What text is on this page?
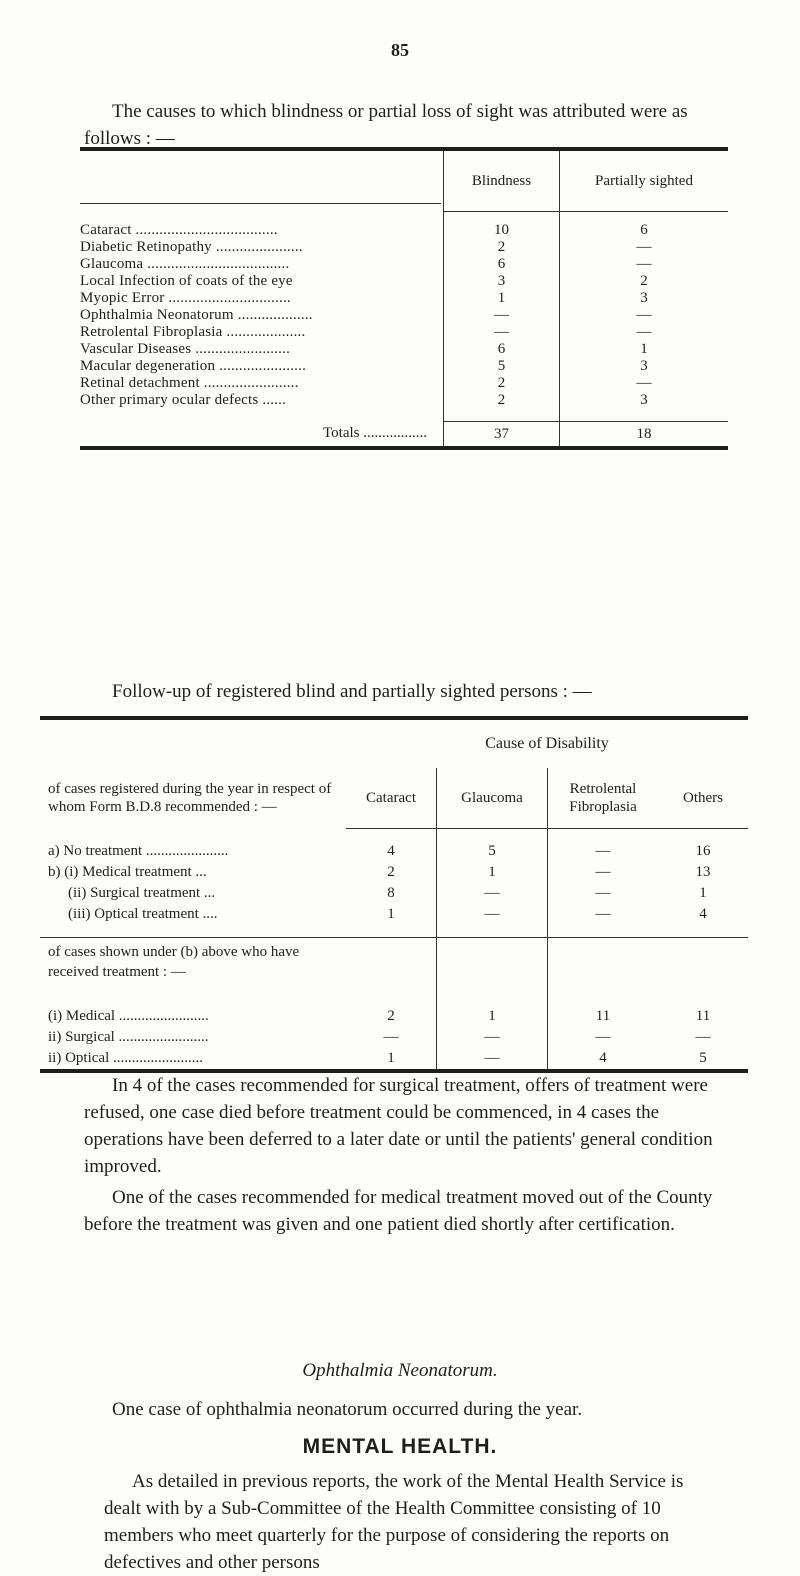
85
The causes to which blindness or partial loss of sight was attributed were as follows : —
	Blindness	Partially sighted
Cataract ....................................	10	6
Diabetic Retinopathy ......................	2	—
Glaucoma ....................................	6	—
Local Infection of coats of the eye	3	2
Myopic Error ...............................	1	3
Ophthalmia Neonatorum ...................	—	—
Retrolental Fibroplasia ....................	—	—
Vascular Diseases ........................	6	1
Macular degeneration ......................	5	3
Retinal detachment ........................	2	—
Other primary ocular defects ......	2	3

Totals .................	37	18
Follow-up of registered blind and partially sighted persons : —
	Cause of Disability			
of cases registered during the year in respect of whom Form B.D.8 recommended : —	Cataract	Glaucoma	Retrolental Fibroplasia	Others

a) No treatment ......................	4	5	—	16
b) (i) Medical treatment ...	2	1	—	13
(ii) Surgical treatment ...	8	—	—	1
(iii) Optical treatment ....	1	—	—	4

of cases shown under (b) above who have received treatment : —				
(i) Medical ........................	2	1	11	11
ii) Surgical ........................	—	—	—	—
ii) Optical ........................	1	—	4	5
In 4 of the cases recommended for surgical treatment, offers of treatment were refused, one case died before treatment could be commenced, in 4 cases the operations have been deferred to a later date or until the patients' general condition improved.
One of the cases recommended for medical treatment moved out of the County before the treatment was given and one patient died shortly after certification.
Ophthalmia Neonatorum.
One case of ophthalmia neonatorum occurred during the year.
MENTAL HEALTH.
As detailed in previous reports, the work of the Mental Health Service is dealt with by a Sub-Committee of the Health Committee consisting of 10 members who meet quarterly for the purpose of considering the reports on defectives and other persons
